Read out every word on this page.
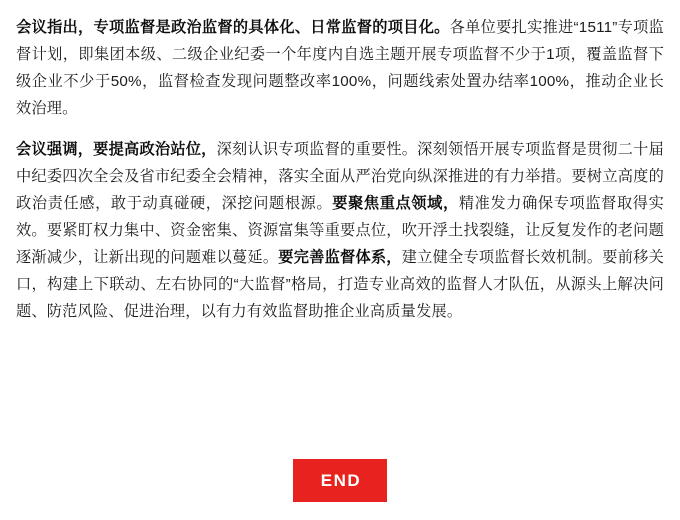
　　会议指出，专项监督是政治监督的具体化、日常监督的项目化。各单位要扎实推进“1511”专项监督计划，即集团本级、二级企业纪委一个年度内自选主题开展专项监督不少于1项，覆盖监督下级企业不少于50%，监督检查发现问题整改率100%，问题线索处置办结率100%，推动企业长效治理。

　　会议强调，要提高政治站位，深刻认识专项监督的重要性。深刻领悟开展专项监督是贯彻二十届中纪委四次全会及省市纪委全会精神，落实全面从严治党向纵深推进的有力举措。要树立高度的政治责任感，敢于动真碰硬，深挖问题根源。要聚焦重点领域，精准发力确保专项监督取得实效。要紧盯权力集中、资金密集、资源富集等重要点位，吹开浮土找裂缝，让反复发作的老问题逐渐减少，让新出现的问题难以蔓延。要完善监督体系，建立健全专项监督长效机制。要前移关口，构建上下联动、左右协同的“大监督”格局，打造专业高效的监督人才队伍，从源头上解决问题、防范风险、促进治理，以有力有效监督助推企业高质量发展。

END
